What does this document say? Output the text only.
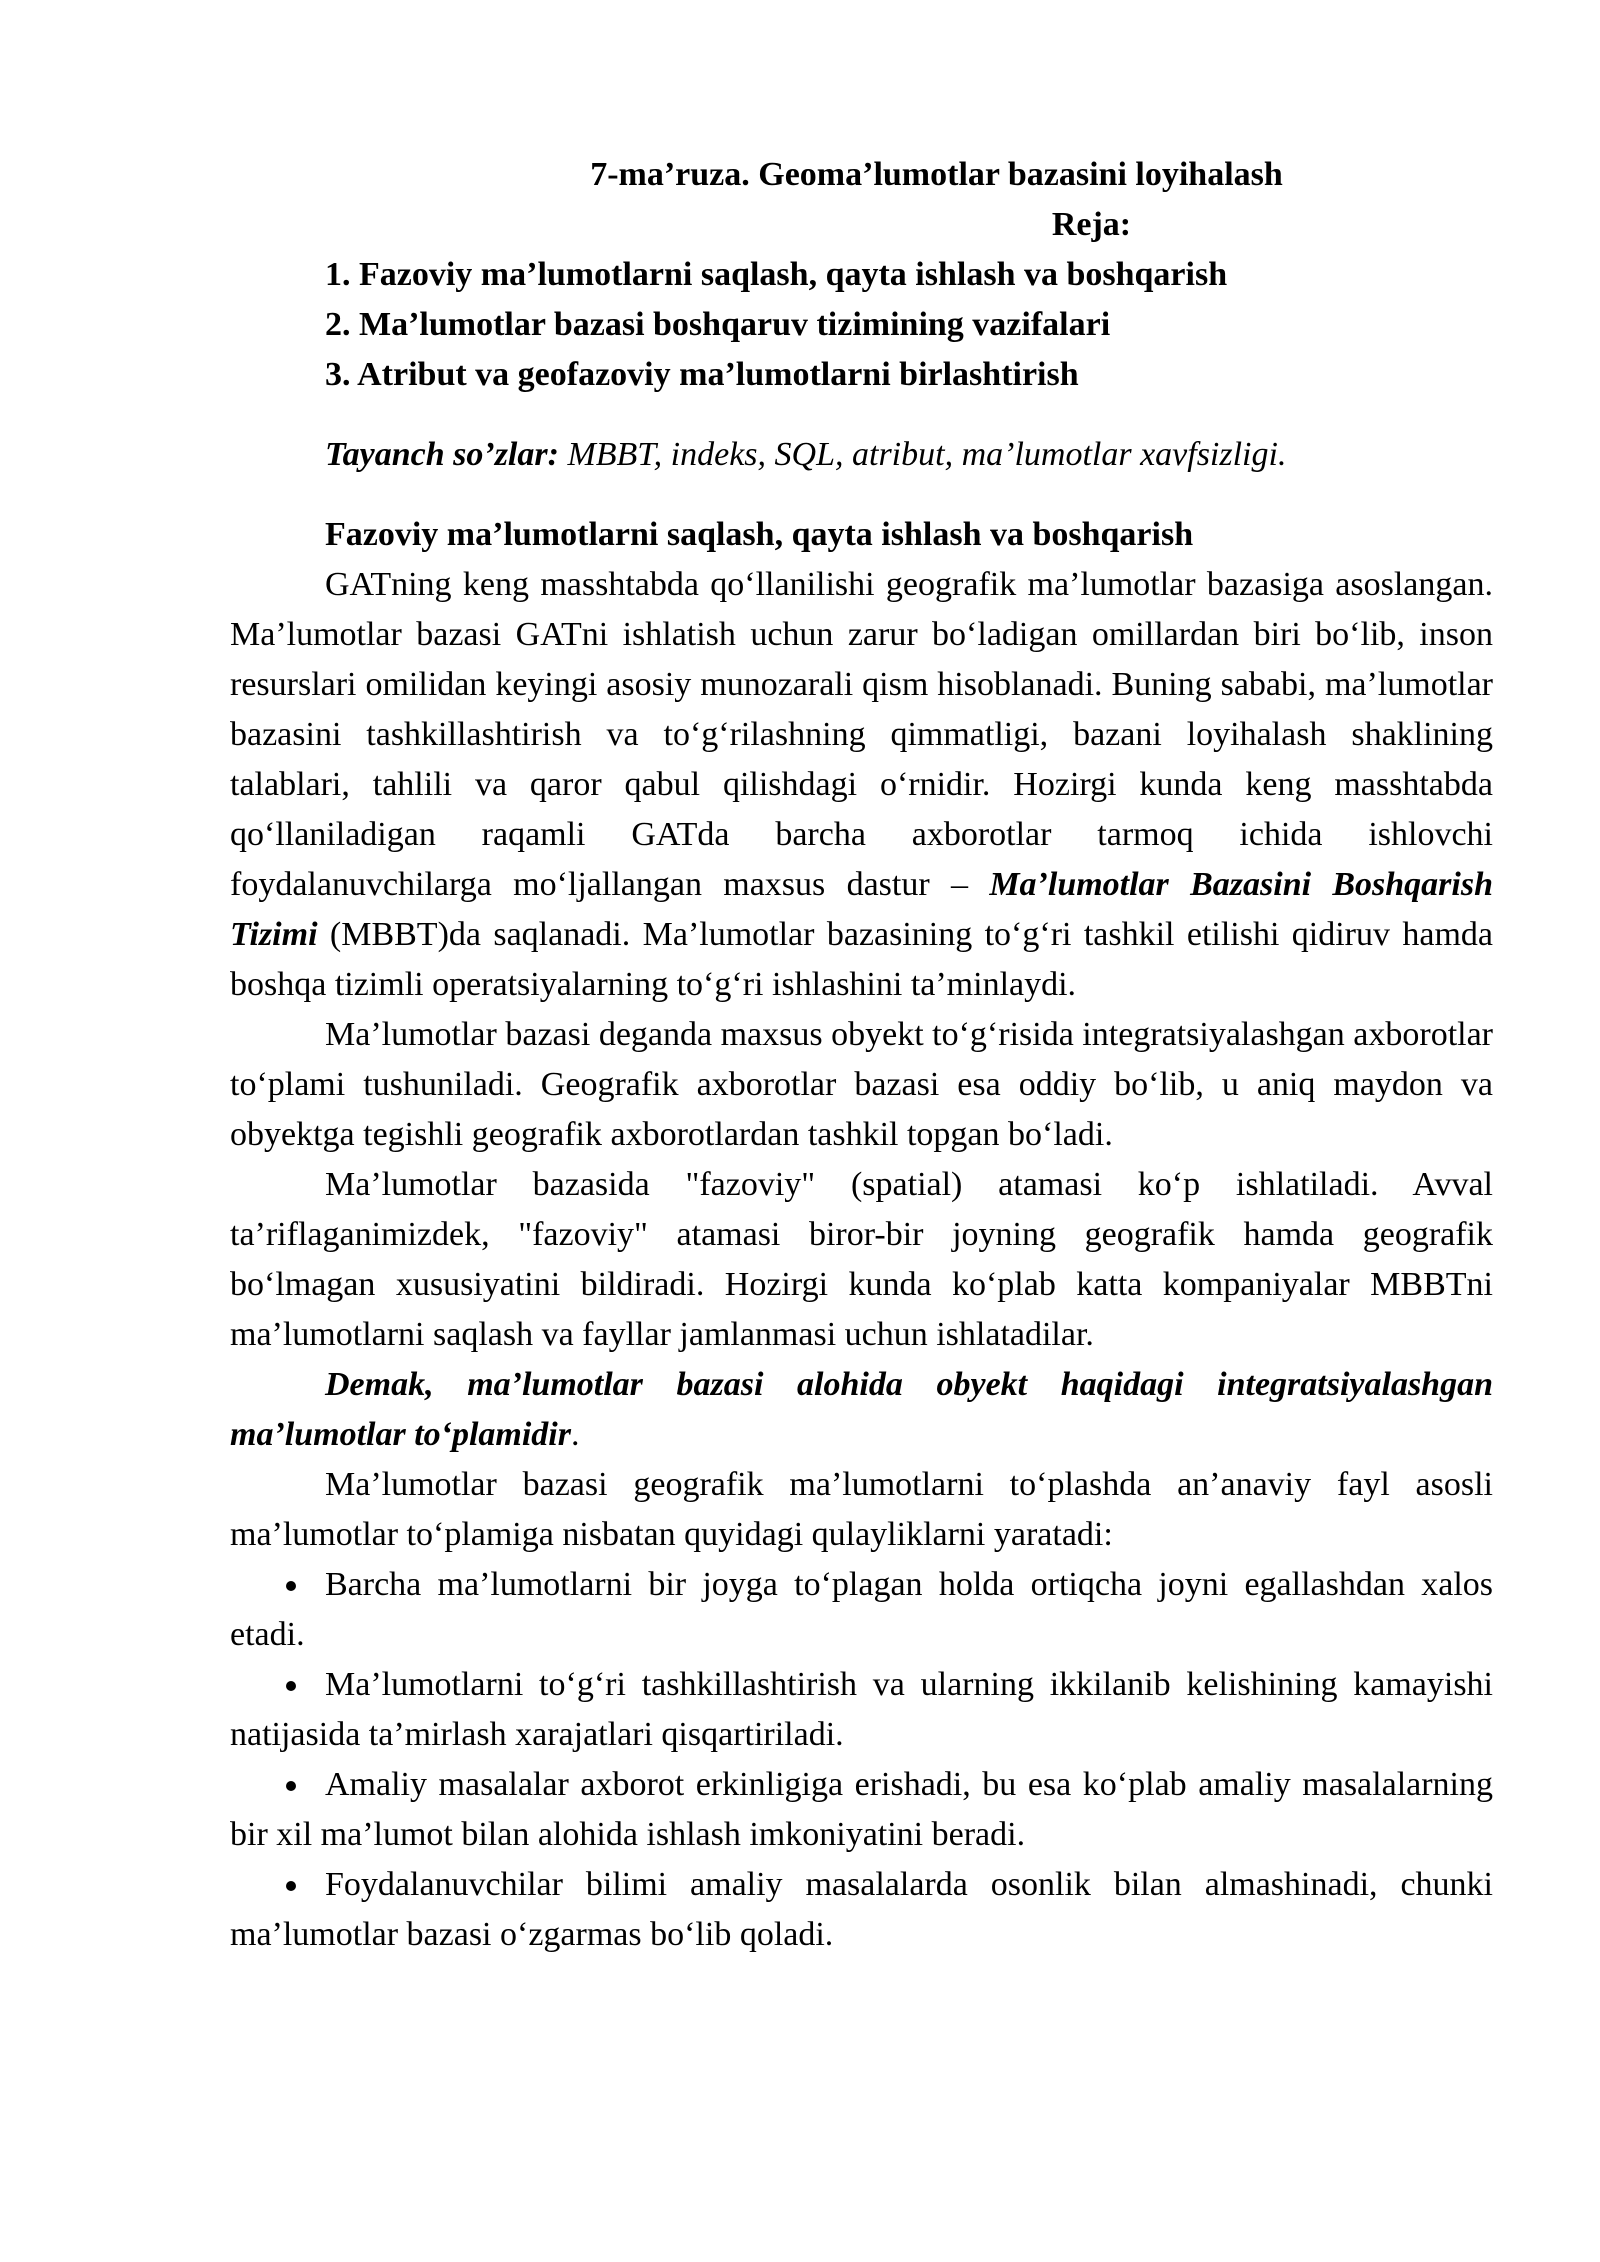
7-ma’ruza. Geoma’lumotlar bazasini loyihalash
Reja:
1. Fazoviy ma’lumotlarni saqlash, qayta ishlash va boshqarish
2. Ma’lumotlar bazasi boshqaruv tizimining vazifalari
3. Atribut va geofazoviy ma’lumotlarni birlashtirish
Tayanch so’zlar: MBBT, indeks, SQL, atribut, ma’lumotlar xavfsizligi.
Fazoviy ma’lumotlarni saqlash, qayta ishlash va boshqarish

GATning keng masshtabda qo‘llanilishi geografik ma’lumotlar bazasiga asoslangan. Ma’lumotlar bazasi GATni ishlatish uchun zarur bo‘ladigan omillardan biri bo‘lib, inson resurslari omilidan keyingi asosiy munozarali qism hisoblanadi. Buning sababi, ma’lumotlar bazasini tashkillashtirish va to‘g‘rilashning qimmatligi, bazani loyihalash shaklining talablari, tahlili va qaror qabul qilishdagi o‘rnidir. Hozirgi kunda keng masshtabda qo‘llaniladigan raqamli GATda barcha axborotlar tarmoq ichida ishlovchi foydalanuvchilarga mo‘ljallangan maxsus dastur – Ma’lumotlar Bazasini Boshqarish Tizimi (MBBT)da saqlanadi. Ma’lumotlar bazasining to‘g‘ri tashkil etilishi qidiruv hamda boshqa tizimli operatsiyalarning to‘g‘ri ishlashini ta’minlaydi.

Ma’lumotlar bazasi deganda maxsus obyekt to‘g‘risida integratsiyalashgan axborotlar to‘plami tushuniladi. Geografik axborotlar bazasi esa oddiy bo‘lib, u aniq maydon va obyektga tegishli geografik axborotlardan tashkil topgan bo‘ladi.

Ma’lumotlar bazasida "fazoviy" (spatial) atamasi ko‘p ishlatiladi. Avval ta’riflaganimizdek, "fazoviy" atamasi biror-bir joyning geografik hamda geografik bo‘lmagan xususiyatini bildiradi. Hozirgi kunda ko‘plab katta kompaniyalar MBBTni ma’lumotlarni saqlash va fayllar jamlanmasi uchun ishlatadilar.

Demak, ma’lumotlar bazasi alohida obyekt haqidagi integratsiyalashgan ma’lumotlar to‘plamidir.

Ma’lumotlar bazasi geografik ma’lumotlarni to‘plashda an’anaviy fayl asosli ma’lumotlar to‘plamiga nisbatan quyidagi qulayliklarni yaratadi:

Barcha ma’lumotlarni bir joyga to‘plagan holda ortiqcha joyni egallashdan xalos etadi.

Ma’lumotlarni to‘g‘ri tashkillashtirish va ularning ikkilanib kelishining kamayishi natijasida ta’mirlash xarajatlari qisqartiriladi.

Amaliy masalalar axborot erkinligiga erishadi, bu esa ko‘plab amaliy masalalarning bir xil ma’lumot bilan alohida ishlash imkoniyatini beradi.

Foydalanuvchilar bilimi amaliy masalalarda osonlik bilan almashinadi, chunki ma’lumotlar bazasi o‘zgarmas bo‘lib qoladi.
